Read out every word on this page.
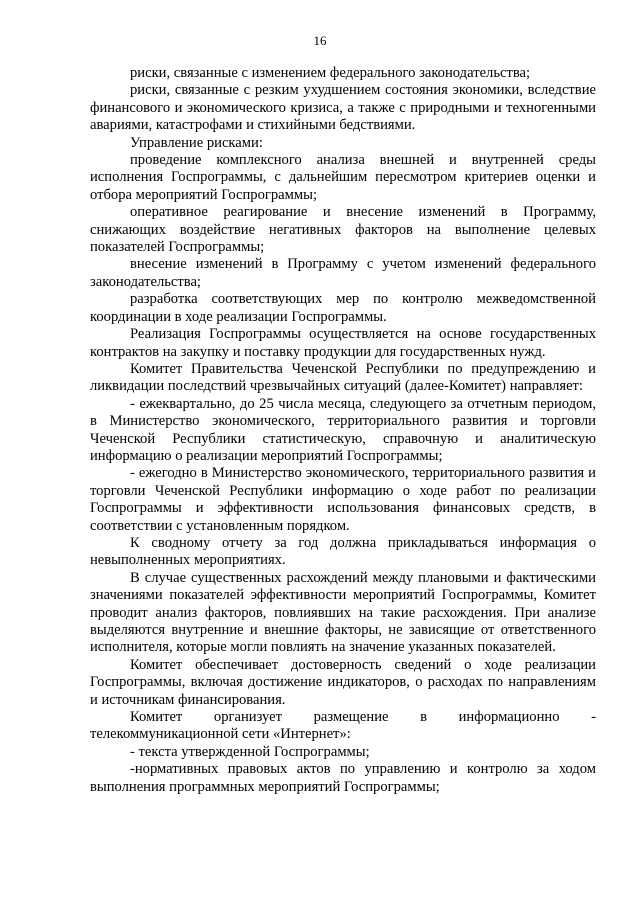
16

риски, связанные с изменением федерального законодательства;

риски, связанные с резким ухудшением состояния экономики, вследствие финансового и экономического кризиса, а также с природными и техногенными авариями, катастрофами и стихийными бедствиями.

Управление рисками:

проведение комплексного анализа внешней и внутренней среды исполнения Госпрограммы, с дальнейшим пересмотром критериев оценки и отбора мероприятий Госпрограммы;

оперативное реагирование и внесение изменений в Программу, снижающих воздействие негативных факторов на выполнение целевых показателей Госпрограммы;

внесение изменений в Программу с учетом изменений федерального законодательства;

разработка соответствующих мер по контролю межведомственной координации в ходе реализации Госпрограммы.

Реализация Госпрограммы осуществляется на основе государственных контрактов на закупку и поставку продукции для государственных нужд.

Комитет Правительства Чеченской Республики по предупреждению и ликвидации последствий чрезвычайных ситуаций (далее-Комитет) направляет:

- ежеквартально, до 25 числа месяца, следующего за отчетным периодом, в Министерство экономического, территориального развития и торговли Чеченской Республики статистическую, справочную и аналитическую информацию о реализации мероприятий Госпрограммы;

- ежегодно в Министерство экономического, территориального развития и торговли Чеченской Республики информацию о ходе работ по реализации Госпрограммы и эффективности использования финансовых средств, в соответствии с установленным порядком.

К сводному отчету за год должна прикладываться информация о невыполненных мероприятиях.

В случае существенных расхождений между плановыми и фактическими значениями показателей эффективности мероприятий Госпрограммы, Комитет проводит анализ факторов, повлиявших на такие расхождения. При анализе выделяются внутренние и внешние факторы, не зависящие от ответственного исполнителя, которые могли повлиять на значение указанных показателей.

Комитет обеспечивает достоверность сведений о ходе реализации Госпрограммы, включая достижение индикаторов, о расходах по направлениям и источникам финансирования.

Комитет организует размещение в информационно - телекоммуникационной сети «Интернет»:

- текста утвержденной Госпрограммы;

-нормативных правовых актов по управлению и контролю за ходом выполнения программных мероприятий Госпрограммы;
